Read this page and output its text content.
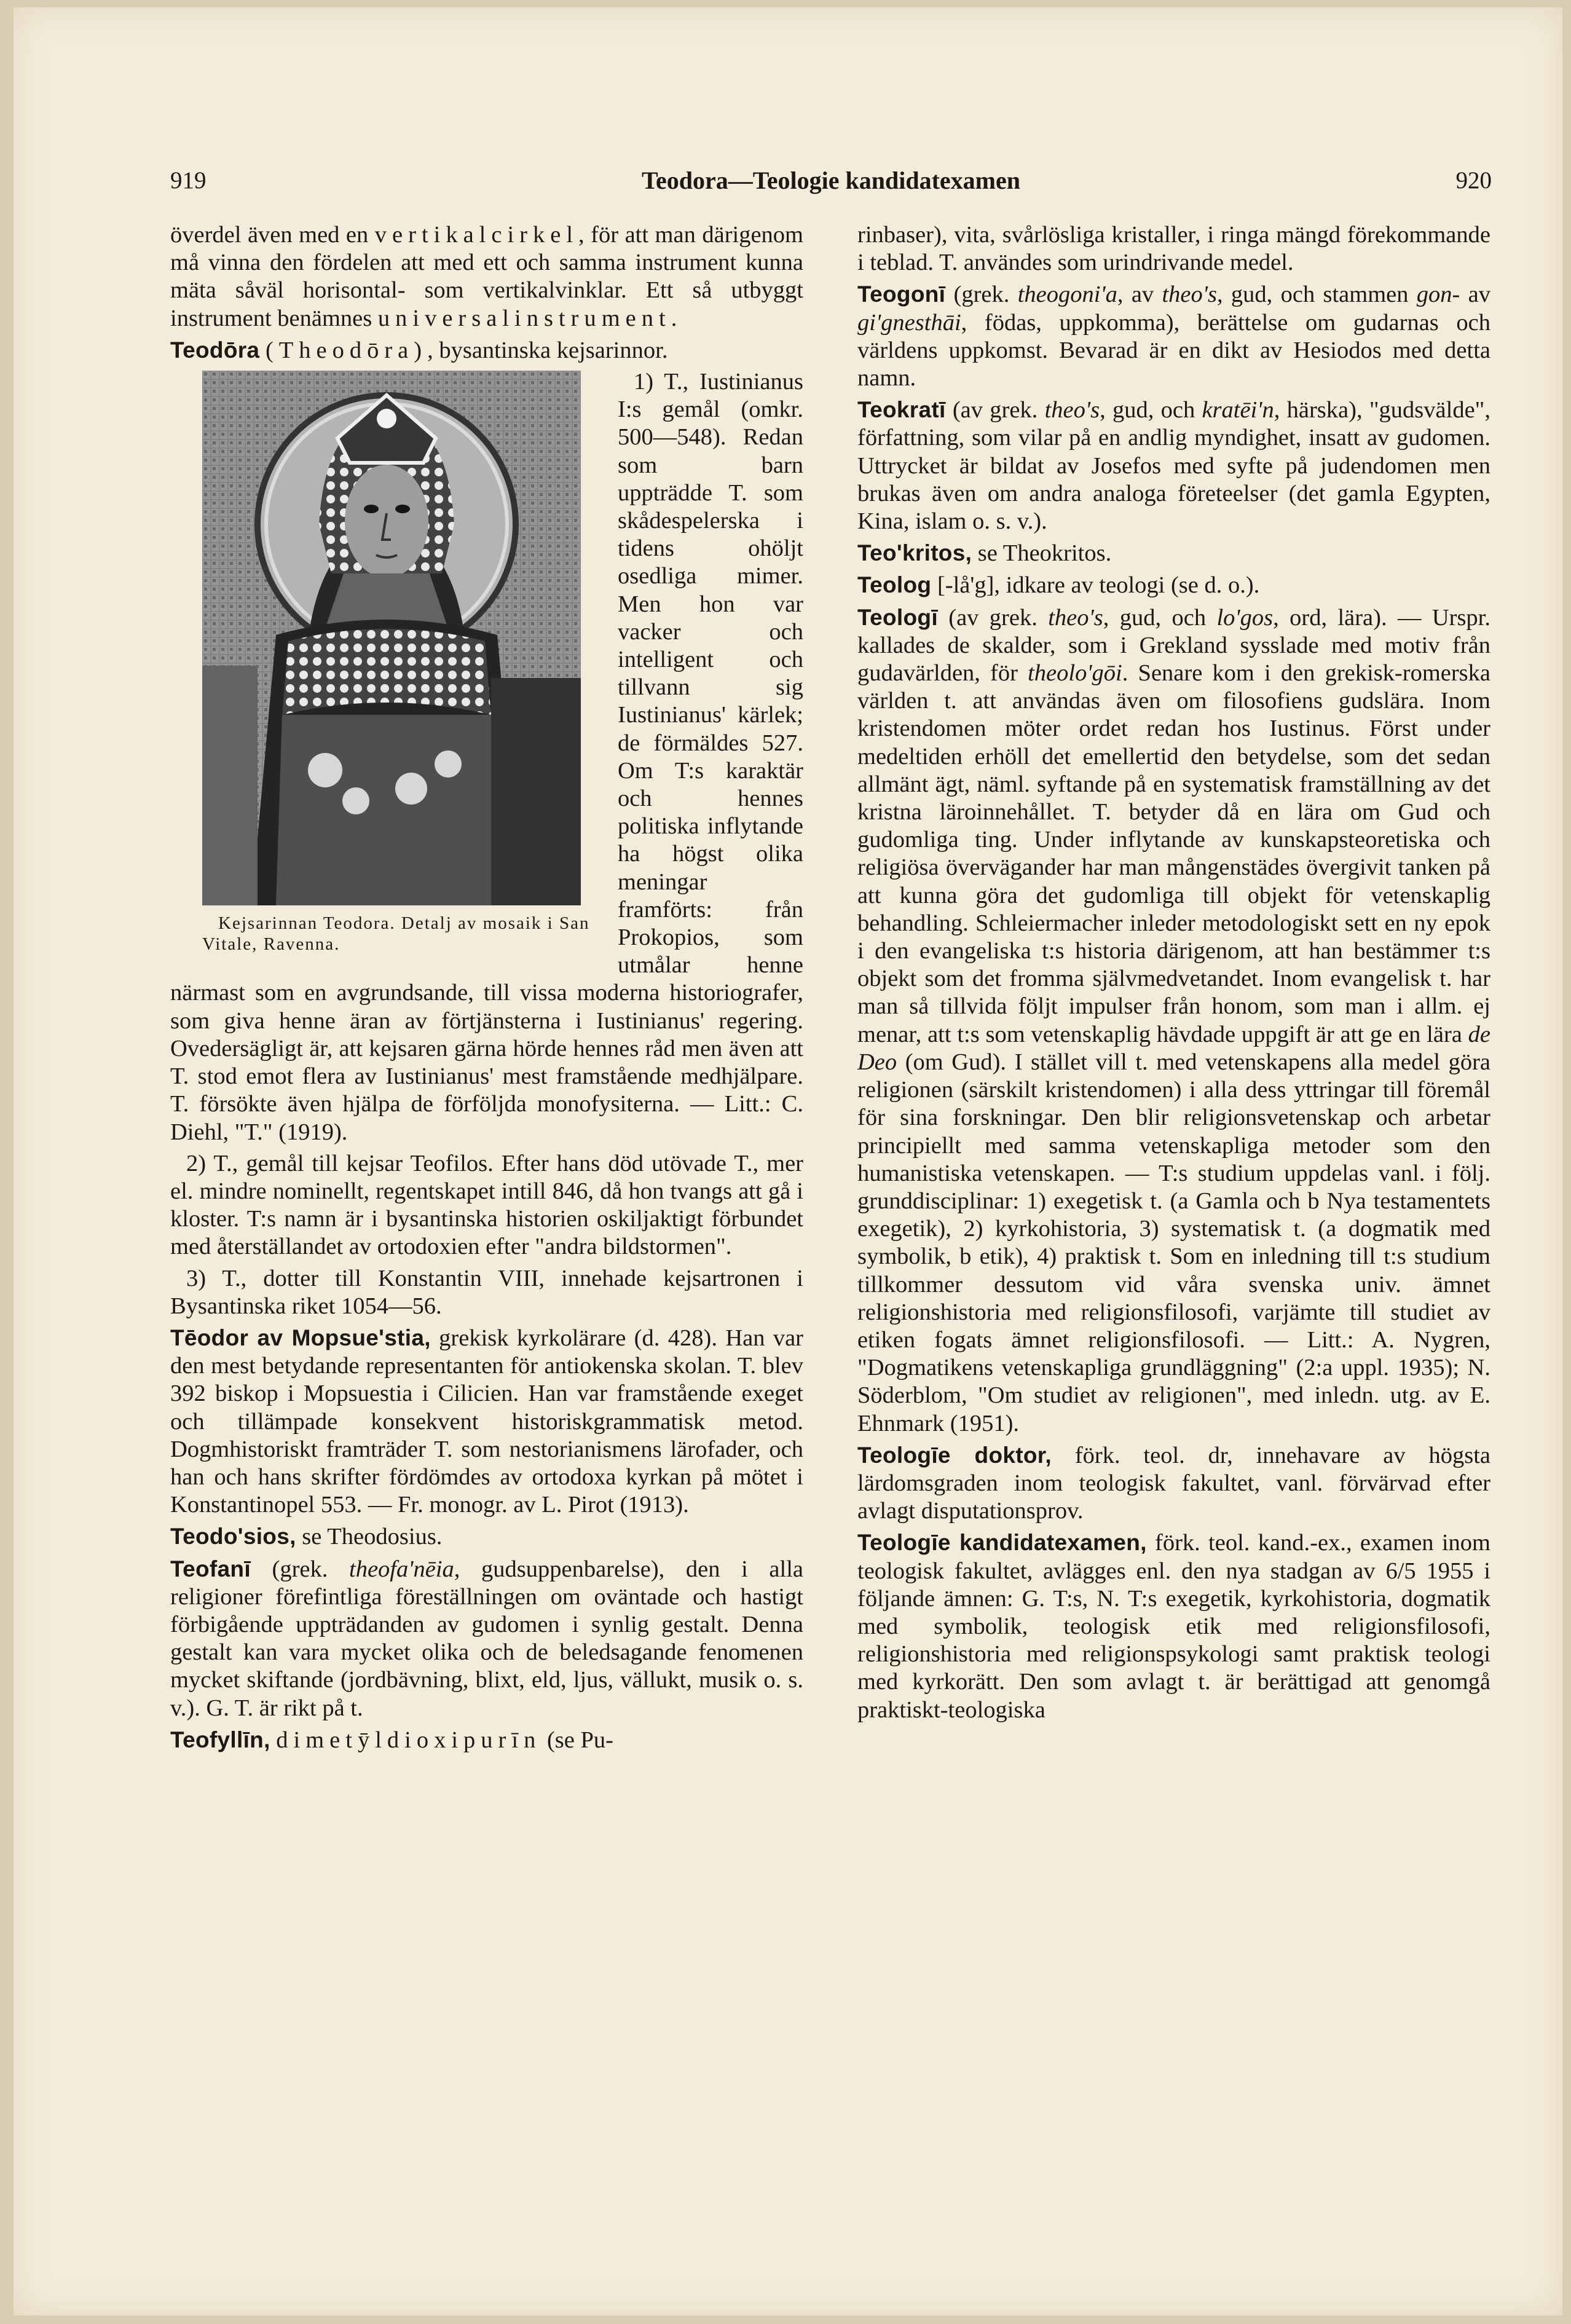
919	Teodora—Teologie kandidatexamen	920

överdel även med en vertikalcirkel, för att man därigenom må vinna den fördelen att med ett och samma instrument kunna mäta såväl horisontal- som vertikalvinklar. Ett så utbyggt instrument benämnes universalinstrument.

Teodōra (Theodōra), bysantinska kejsarinnor.

Kejsarinnan Teodora. Detalj av mosaik i San Vitale, Ravenna.
1) T., Iustinianus I:s gemål (omkr. 500—548). Redan som barn uppträdde T. som skådespelerska i tidens ohöljt osedliga mimer. Men hon var vacker och intelligent och tillvann sig Iustinianus' kärlek; de förmäldes 527. Om T:s karaktär och hennes politiska inflytande ha högst olika meningar framförts: från Prokopios, som utmålar henne närmast som en avgrundsande, till vissa moderna historiografer, som giva henne äran av förtjänsterna i Iustinianus' regering. Ovedersägligt är, att kejsaren gärna hörde hennes råd men även att T. stod emot flera av Iustinianus' mest framstående medhjälpare. T. försökte även hjälpa de förföljda monofysiterna. — Litt.: C. Diehl, "T." (1919).

2) T., gemål till kejsar Teofilos. Efter hans död utövade T., mer el. mindre nominellt, regentskapet intill 846, då hon tvangs att gå i kloster. T:s namn är i bysantinska historien oskiljaktigt förbundet med återställandet av ortodoxien efter "andra bildstormen".

3) T., dotter till Konstantin VIII, innehade kejsartronen i Bysantinska riket 1054—56.

Tēodor av Mopsue'stia, grekisk kyrkolärare (d. 428). Han var den mest betydande representanten för antiokenska skolan. T. blev 392 biskop i Mopsuestia i Cilicien. Han var framstående exeget och tillämpade konsekvent historiskgrammatisk metod. Dogmhistoriskt framträder T. som nestorianismens lärofader, och han och hans skrifter fördömdes av ortodoxa kyrkan på mötet i Konstantinopel 553. — Fr. monogr. av L. Pirot (1913).

Teodo'sios, se Theodosius.

Teofanī (grek. theofa'nēia, gudsuppenbarelse), den i alla religioner förefintliga föreställningen om oväntade och hastigt förbigående uppträdanden av gudomen i synlig gestalt. Denna gestalt kan vara mycket olika och de beledsagande fenomenen mycket skiftande (jordbävning, blixt, eld, ljus, vällukt, musik o. s. v.). G. T. är rikt på t.

Teofyllīn, dimetȳldioxipurīn (se Pu-

rinbaser), vita, svårlösliga kristaller, i ringa mängd förekommande i teblad. T. användes som urindrivande medel.

Teogonī (grek. theogoni'a, av theo's, gud, och stammen gon- av gi'gnesthāi, födas, uppkomma), berättelse om gudarnas och världens uppkomst. Bevarad är en dikt av Hesiodos med detta namn.

Teokratī (av grek. theo's, gud, och kratēi'n, härska), "gudsvälde", författning, som vilar på en andlig myndighet, insatt av gudomen. Uttrycket är bildat av Josefos med syfte på judendomen men brukas även om andra analoga företeelser (det gamla Egypten, Kina, islam o. s. v.).

Teo'kritos, se Theokritos.

Teolog [-lå'g], idkare av teologi (se d. o.).

Teologī (av grek. theo's, gud, och lo'gos, ord, lära). — Urspr. kallades de skalder, som i Grekland sysslade med motiv från gudavärlden, för theolo'gōi. Senare kom i den grekisk-romerska världen t. att användas även om filosofiens gudslära. Inom kristendomen möter ordet redan hos Iustinus. Först under medeltiden erhöll det emellertid den betydelse, som det sedan allmänt ägt, näml. syftande på en systematisk framställning av det kristna läroinnehållet. T. betyder då en lära om Gud och gudomliga ting. Under inflytande av kunskapsteoretiska och religiösa övervägander har man mångenstädes övergivit tanken på att kunna göra det gudomliga till objekt för vetenskaplig behandling. Schleiermacher inleder metodologiskt sett en ny epok i den evangeliska t:s historia därigenom, att han bestämmer t:s objekt som det fromma självmedvetandet. Inom evangelisk t. har man så tillvida följt impulser från honom, som man i allm. ej menar, att t:s som vetenskaplig hävdade uppgift är att ge en lära de Deo (om Gud). I stället vill t. med vetenskapens alla medel göra religionen (särskilt kristendomen) i alla dess yttringar till föremål för sina forskningar. Den blir religionsvetenskap och arbetar principiellt med samma vetenskapliga metoder som den humanistiska vetenskapen. — T:s studium uppdelas vanl. i följ. grunddisciplinar: 1) exegetisk t. (a Gamla och b Nya testamentets exegetik), 2) kyrkohistoria, 3) systematisk t. (a dogmatik med symbolik, b etik), 4) praktisk t. Som en inledning till t:s studium tillkommer dessutom vid våra svenska univ. ämnet religionshistoria med religionsfilosofi, varjämte till studiet av etiken fogats ämnet religionsfilosofi. — Litt.: A. Nygren, "Dogmatikens vetenskapliga grundläggning" (2:a uppl. 1935); N. Söderblom, "Om studiet av religionen", med inledn. utg. av E. Ehnmark (1951).

Teologīe doktor, förk. teol. dr, innehavare av högsta lärdomsgraden inom teologisk fakultet, vanl. förvärvad efter avlagt disputationsprov.

Teologīe kandidatexamen, förk. teol. kand.-ex., examen inom teologisk fakultet, avlägges enl. den nya stadgan av 6/5 1955 i följande ämnen: G. T:s, N. T:s exegetik, kyrkohistoria, dogmatik med symbolik, teologisk etik med religionsfilosofi, religionshistoria med religionspsykologi samt praktisk teologi med kyrkorätt. Den som avlagt t. är berättigad att genomgå praktiskt-teologiska
